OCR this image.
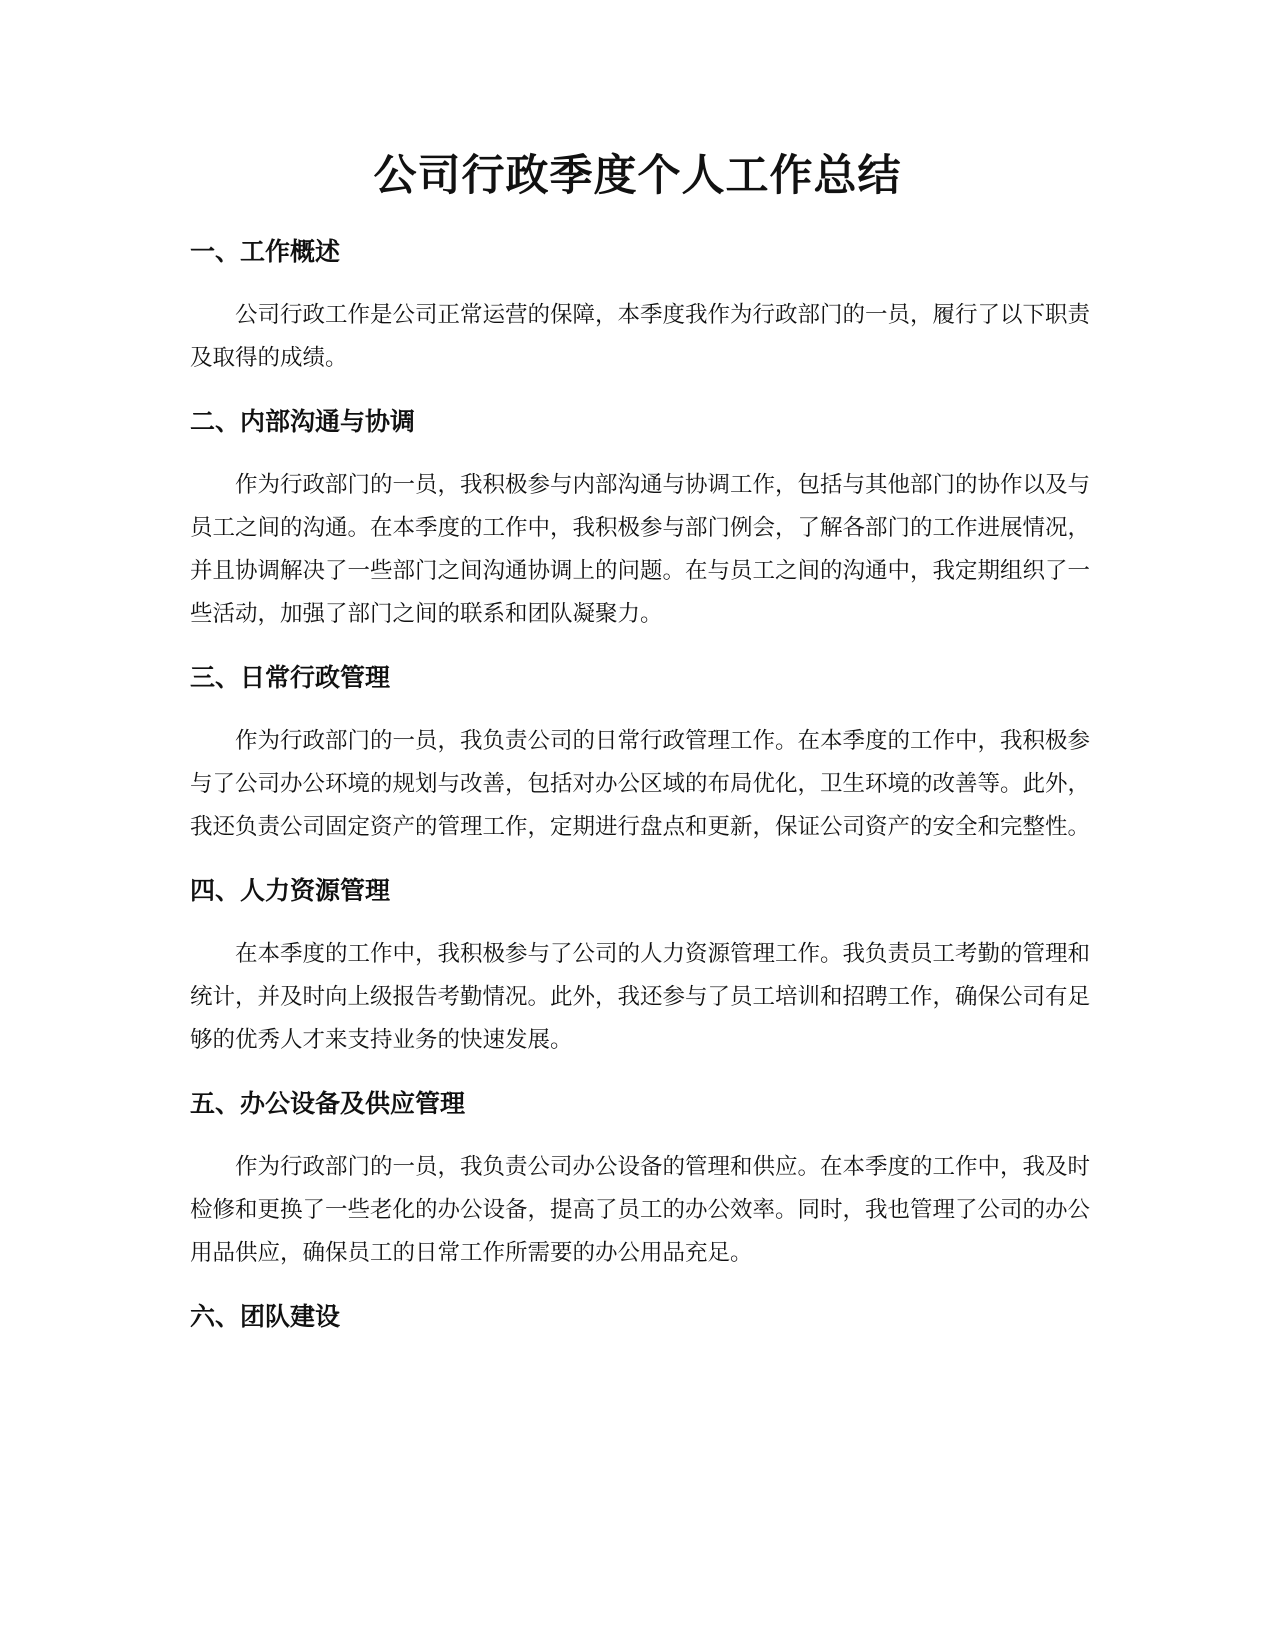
公司行政季度个人工作总结
一、工作概述

公司行政工作是公司正常运营的保障，本季度我作为行政部门的一员，履行了以下职责及取得的成绩。

二、内部沟通与协调

作为行政部门的一员，我积极参与内部沟通与协调工作，包括与其他部门的协作以及与员工之间的沟通。在本季度的工作中，我积极参与部门例会，了解各部门的工作进展情况，并且协调解决了一些部门之间沟通协调上的问题。在与员工之间的沟通中，我定期组织了一些活动，加强了部门之间的联系和团队凝聚力。

三、日常行政管理

作为行政部门的一员，我负责公司的日常行政管理工作。在本季度的工作中，我积极参与了公司办公环境的规划与改善，包括对办公区域的布局优化，卫生环境的改善等。此外，我还负责公司固定资产的管理工作，定期进行盘点和更新，保证公司资产的安全和完整性。

四、人力资源管理

在本季度的工作中，我积极参与了公司的人力资源管理工作。我负责员工考勤的管理和统计，并及时向上级报告考勤情况。此外，我还参与了员工培训和招聘工作，确保公司有足够的优秀人才来支持业务的快速发展。

五、办公设备及供应管理

作为行政部门的一员，我负责公司办公设备的管理和供应。在本季度的工作中，我及时检修和更换了一些老化的办公设备，提高了员工的办公效率。同时，我也管理了公司的办公用品供应，确保员工的日常工作所需要的办公用品充足。

六、团队建设
